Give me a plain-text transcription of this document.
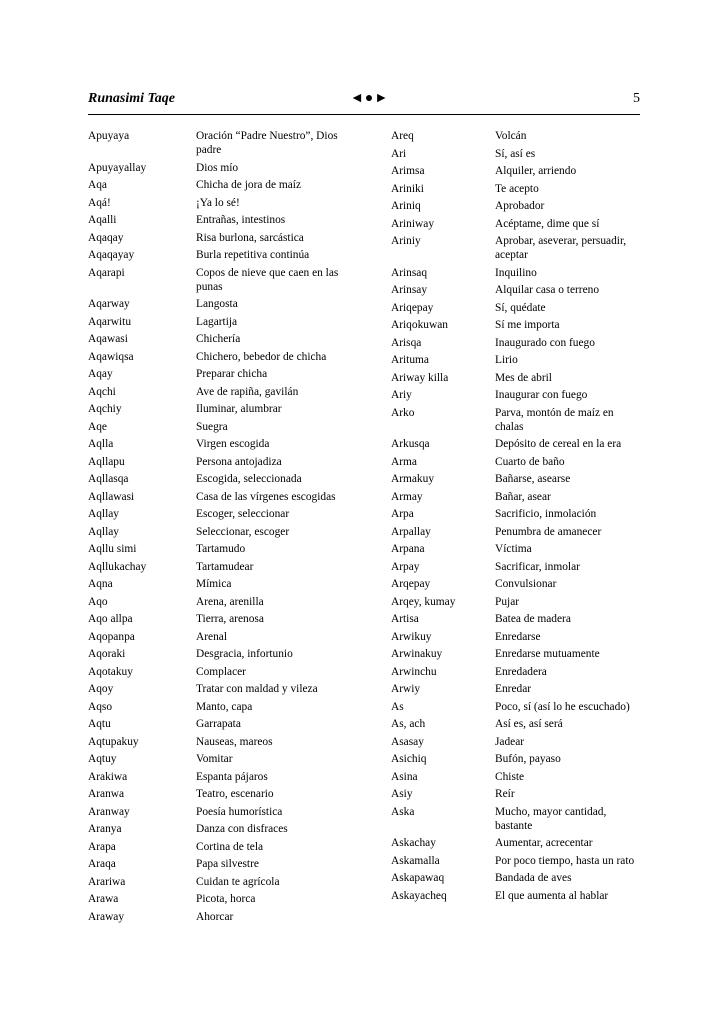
Runasimi Taqe	◄●►	5
Apuyaya	Oración “Padre Nuestro”, Dios padre
Apuyayallay	Dios mío
Aqa	Chicha de jora de maíz
Aqá!	¡Ya lo sé!
Aqalli	Entrañas, intestinos
Aqaqay	Risa burlona, sarcástica
Aqaqayay	Burla repetitiva continúa
Aqarapi	Copos de nieve que caen en las punas
Aqarway	Langosta
Aqarwitu	Lagartija
Aqawasi	Chichería
Aqawiqsa	Chichero, bebedor de chicha
Aqay	Preparar chicha
Aqchi	Ave de rapiña, gavilán
Aqchiy	Iluminar, alumbrar
Aqe	Suegra
Aqlla	Virgen escogida
Aqllapu	Persona antojadiza
Aqllasqa	Escogida, seleccionada
Aqllawasi	Casa de las vírgenes escogidas
Aqllay	Escoger, seleccionar
Aqllay	Seleccionar, escoger
Aqllu simi	Tartamudo
Aqllukachay	Tartamudear
Aqna	Mímica
Aqo	Arena, arenilla
Aqo allpa	Tierra, arenosa
Aqopanpa	Arenal
Aqoraki	Desgracia, infortunio
Aqotakuy	Complacer
Aqoy	Tratar con maldad y vileza
Aqso	Manto, capa
Aqtu	Garrapata
Aqtupakuy	Nauseas, mareos
Aqtuy	Vomitar
Arakiwa	Espanta pájaros
Aranwa	Teatro, escenario
Aranway	Poesía humorística
Aranya	Danza con disfraces
Arapa	Cortina de tela
Araqa	Papa silvestre
Arariwa	Cuidan te agrícola
Arawa	Picota, horca
Araway	Ahorcar
Areq	Volcán
Ari	Sí, así es
Arimsa	Alquiler, arriendo
Ariniki	Te acepto
Ariniq	Aprobador
Ariniway	Acéptame, dime que sí
Ariniy	Aprobar, aseverar, persuadir, aceptar
Arinsaq	Inquilino
Arinsay	Alquilar casa o terreno
Ariqepay	Sí, quédate
Ariqokuwan	Sí me importa
Arisqa	Inaugurado con fuego
Arituma	Lirio
Ariway killa	Mes de abril
Ariy	Inaugurar con fuego
Arko	Parva, montón de maíz en chalas
Arkusqa	Depósito de cereal en la era
Arma	Cuarto de baño
Armakuy	Bañarse, asearse
Armay	Bañar, asear
Arpa	Sacrificio, inmolación
Arpallay	Penumbra de amanecer
Arpana	Víctima
Arpay	Sacrificar, inmolar
Arqepay	Convulsionar
Arqey, kumay	Pujar
Artisa	Batea de madera
Arwikuy	Enredarse
Arwinakuy	Enredarse mutuamente
Arwinchu	Enredadera
Arwiy	Enredar
As	Poco, sí (así lo he escuchado)
As, ach	Así es, así será
Asasay	Jadear
Asichiq	Bufón, payaso
Asina	Chiste
Asiy	Reír
Aska	Mucho, mayor cantidad, bastante
Askachay	Aumentar, acrecentar
Askamalla	Por poco tiempo, hasta un rato
Askapawaq	Bandada de aves
Askayacheq	El que aumenta al hablar
